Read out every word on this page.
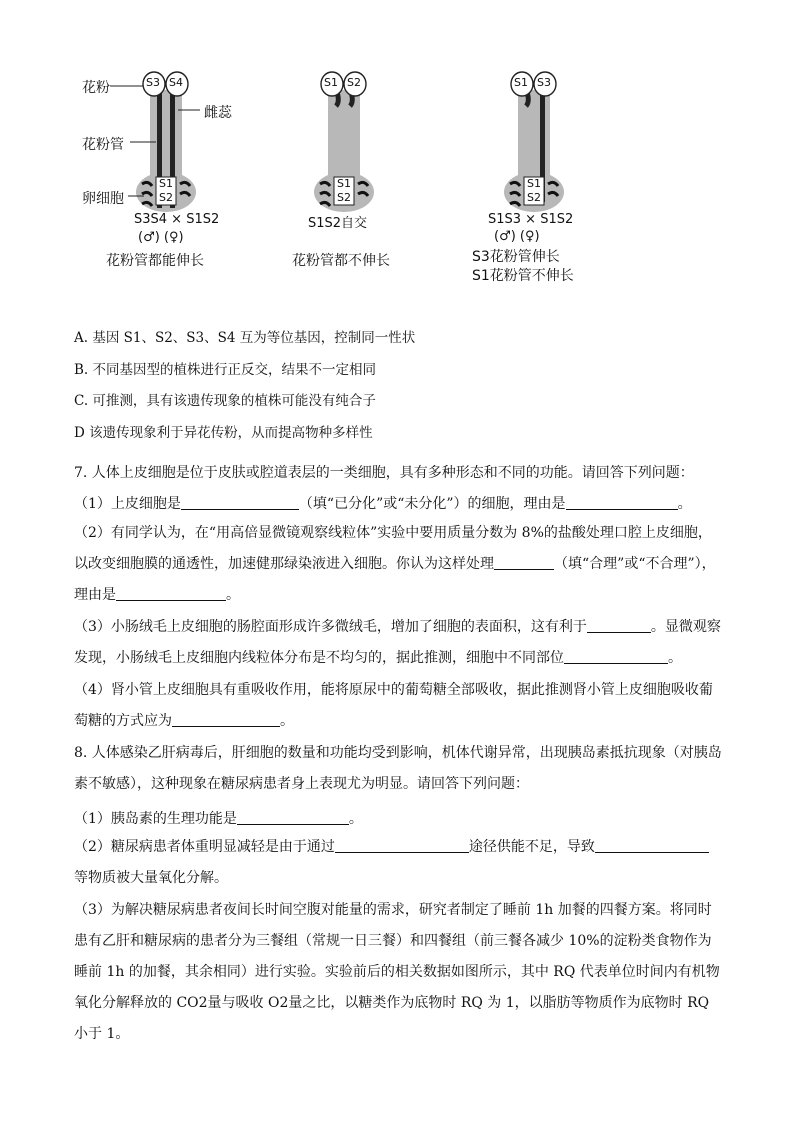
花粉
雌蕊
花粉管
卵细胞
S3 S4
S1
S2
S3S4 × S1S2
(♂) (♀)
花粉管都能伸长
S1 S2
S1
S2
S1S2自交
花粉管都不伸长
S1 S3
S1
S2
S1S3 × S1S2
(♂) (♀)
S3花粉管伸长
S1花粉管不伸长
A. 基因 S1、S2、S3、S4 互为等位基因，控制同一性状
B. 不同基因型的植株进行正反交，结果不一定相同
C. 可推测，具有该遗传现象的植株可能没有纯合子
D 该遗传现象利于异花传粉，从而提高物种多样性
7. 人体上皮细胞是位于皮肤或腔道表层的一类细胞，具有多种形态和不同的功能。请回答下列问题：
（1）上皮细胞是	（填“已分化”或“未分化”）的细胞，理由是	。
（2）有同学认为，在“用高倍显微镜观察线粒体”实验中要用质量分数为 8%的盐酸处理口腔上皮细胞，以改变细胞膜的通透性，加速健那绿染液进入细胞。你认为这样处理	（填“合理”或“不合理”），理由是	。
（3）小肠绒毛上皮细胞的肠腔面形成许多微绒毛，增加了细胞的表面积，这有利于	。显微观察发现，小肠绒毛上皮细胞内线粒体分布是不均匀的，据此推测，细胞中不同部位	。
（4）肾小管上皮细胞具有重吸收作用，能将原尿中的葡萄糖全部吸收，据此推测肾小管上皮细胞吸收葡萄糖的方式应为	。
8. 人体感染乙肝病毒后，肝细胞的数量和功能均受到影响，机体代谢异常，出现胰岛素抵抗现象（对胰岛素不敏感），这种现象在糖尿病患者身上表现尤为明显。请回答下列问题：
（1）胰岛素的生理功能是	。
（2）糖尿病患者体重明显减轻是由于通过	途径供能不足，导致等物质被大量氧化分解。
（3）为解决糖尿病患者夜间长时间空腹对能量的需求，研究者制定了睡前 1h 加餐的四餐方案。将同时患有乙肝和糖尿病的患者分为三餐组（常规一日三餐）和四餐组（前三餐各减少 10%的淀粉类食物作为睡前 1h 的加餐，其余相同）进行实验。实验前后的相关数据如图所示，其中 RQ 代表单位时间内有机物氧化分解释放的 CO2量与吸收 O2量之比，以糖类作为底物时 RQ 为 1，以脂肪等物质作为底物时 RQ 小于 1。
